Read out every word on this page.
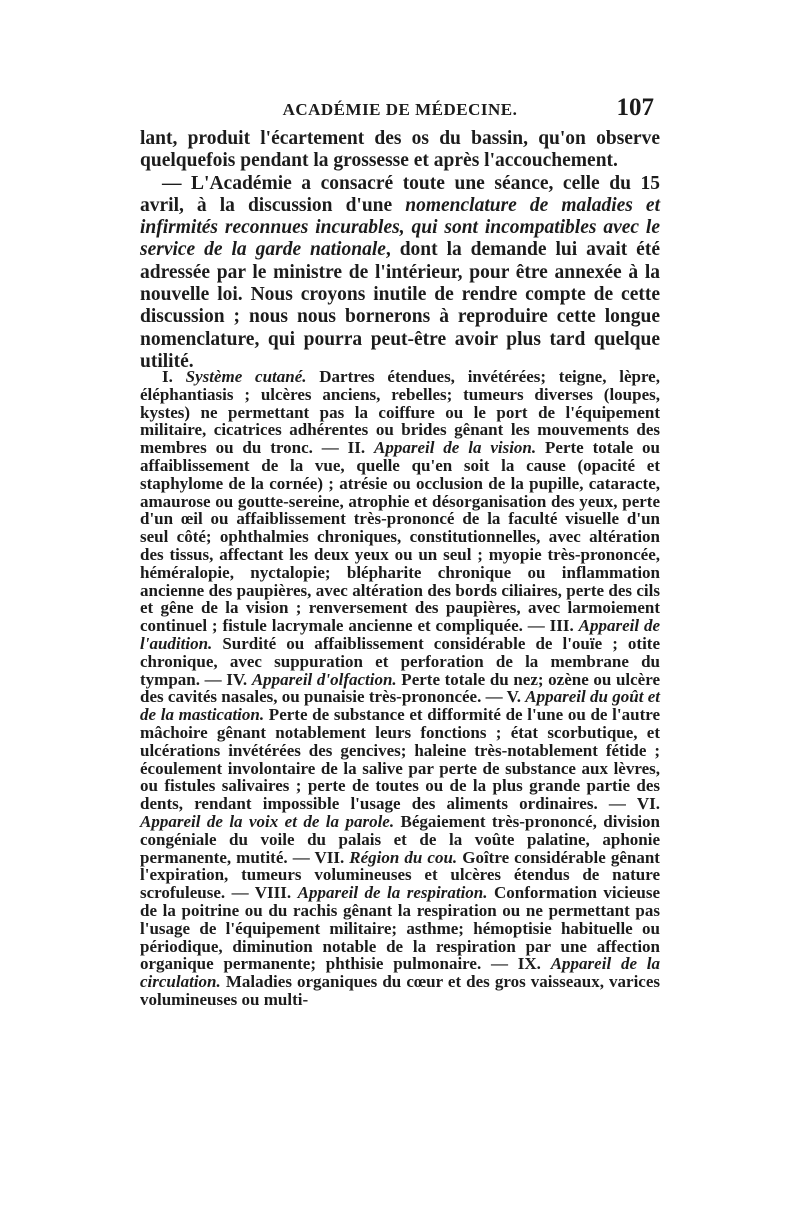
ACADÉMIE DE MÉDECINE.	107

lant, produit l'écartement des os du bassin, qu'on observe quelquefois pendant la grossesse et après l'accouchement.

— L'Académie a consacré toute une séance, celle du 15 avril, à la discussion d'une nomenclature de maladies et infirmités reconnues incurables, qui sont incompatibles avec le service de la garde nationale, dont la demande lui avait été adressée par le ministre de l'intérieur, pour être annexée à la nouvelle loi. Nous croyons inutile de rendre compte de cette discussion ; nous nous bornerons à reproduire cette longue nomenclature, qui pourra peut-être avoir plus tard quelque utilité.

I. Système cutané. Dartres étendues, invétérées; teigne, lèpre, éléphantiasis ; ulcères anciens, rebelles; tumeurs diverses (loupes, kystes) ne permettant pas la coiffure ou le port de l'équipement militaire, cicatrices adhérentes ou brides gênant les mouvements des membres ou du tronc. — II. Appareil de la vision. Perte totale ou affaiblissement de la vue, quelle qu'en soit la cause (opacité et staphylome de la cornée) ; atrésie ou occlusion de la pupille, cataracte, amaurose ou goutte-sereine, atrophie et désorganisation des yeux, perte d'un œil ou affaiblissement très-prononcé de la faculté visuelle d'un seul côté; ophthalmies chroniques, constitutionnelles, avec altération des tissus, affectant les deux yeux ou un seul ; myopie très-prononcée, héméralopie, nyctalopie; blépharite chronique ou inflammation ancienne des paupières, avec altération des bords ciliaires, perte des cils et gêne de la vision ; renversement des paupières, avec larmoiement continuel ; fistule lacrymale ancienne et compliquée. — III. Appareil de l'audition. Surdité ou affaiblissement considérable de l'ouïe ; otite chronique, avec suppuration et perforation de la membrane du tympan. — IV. Appareil d'olfaction. Perte totale du nez; ozène ou ulcère des cavités nasales, ou punaisie très-prononcée. — V. Appareil du goût et de la mastication. Perte de substance et difformité de l'une ou de l'autre mâchoire gênant notablement leurs fonctions ; état scorbutique, et ulcérations invétérées des gencives; haleine très-notablement fétide ; écoulement involontaire de la salive par perte de substance aux lèvres, ou fistules salivaires ; perte de toutes ou de la plus grande partie des dents, rendant impossible l'usage des aliments ordinaires. — VI. Appareil de la voix et de la parole. Bégaiement très-prononcé, division congéniale du voile du palais et de la voûte palatine, aphonie permanente, mutité. — VII. Région du cou. Goître considérable gênant l'expiration, tumeurs volumineuses et ulcères étendus de nature scrofuleuse. — VIII. Appareil de la respiration. Conformation vicieuse de la poitrine ou du rachis gênant la respiration ou ne permettant pas l'usage de l'équipement militaire; asthme; hémoptisie habituelle ou périodique, diminution notable de la respiration par une affection organique permanente; phthisie pulmonaire. — IX. Appareil de la circulation. Maladies organiques du cœur et des gros vaisseaux, varices volumineuses ou multi-
